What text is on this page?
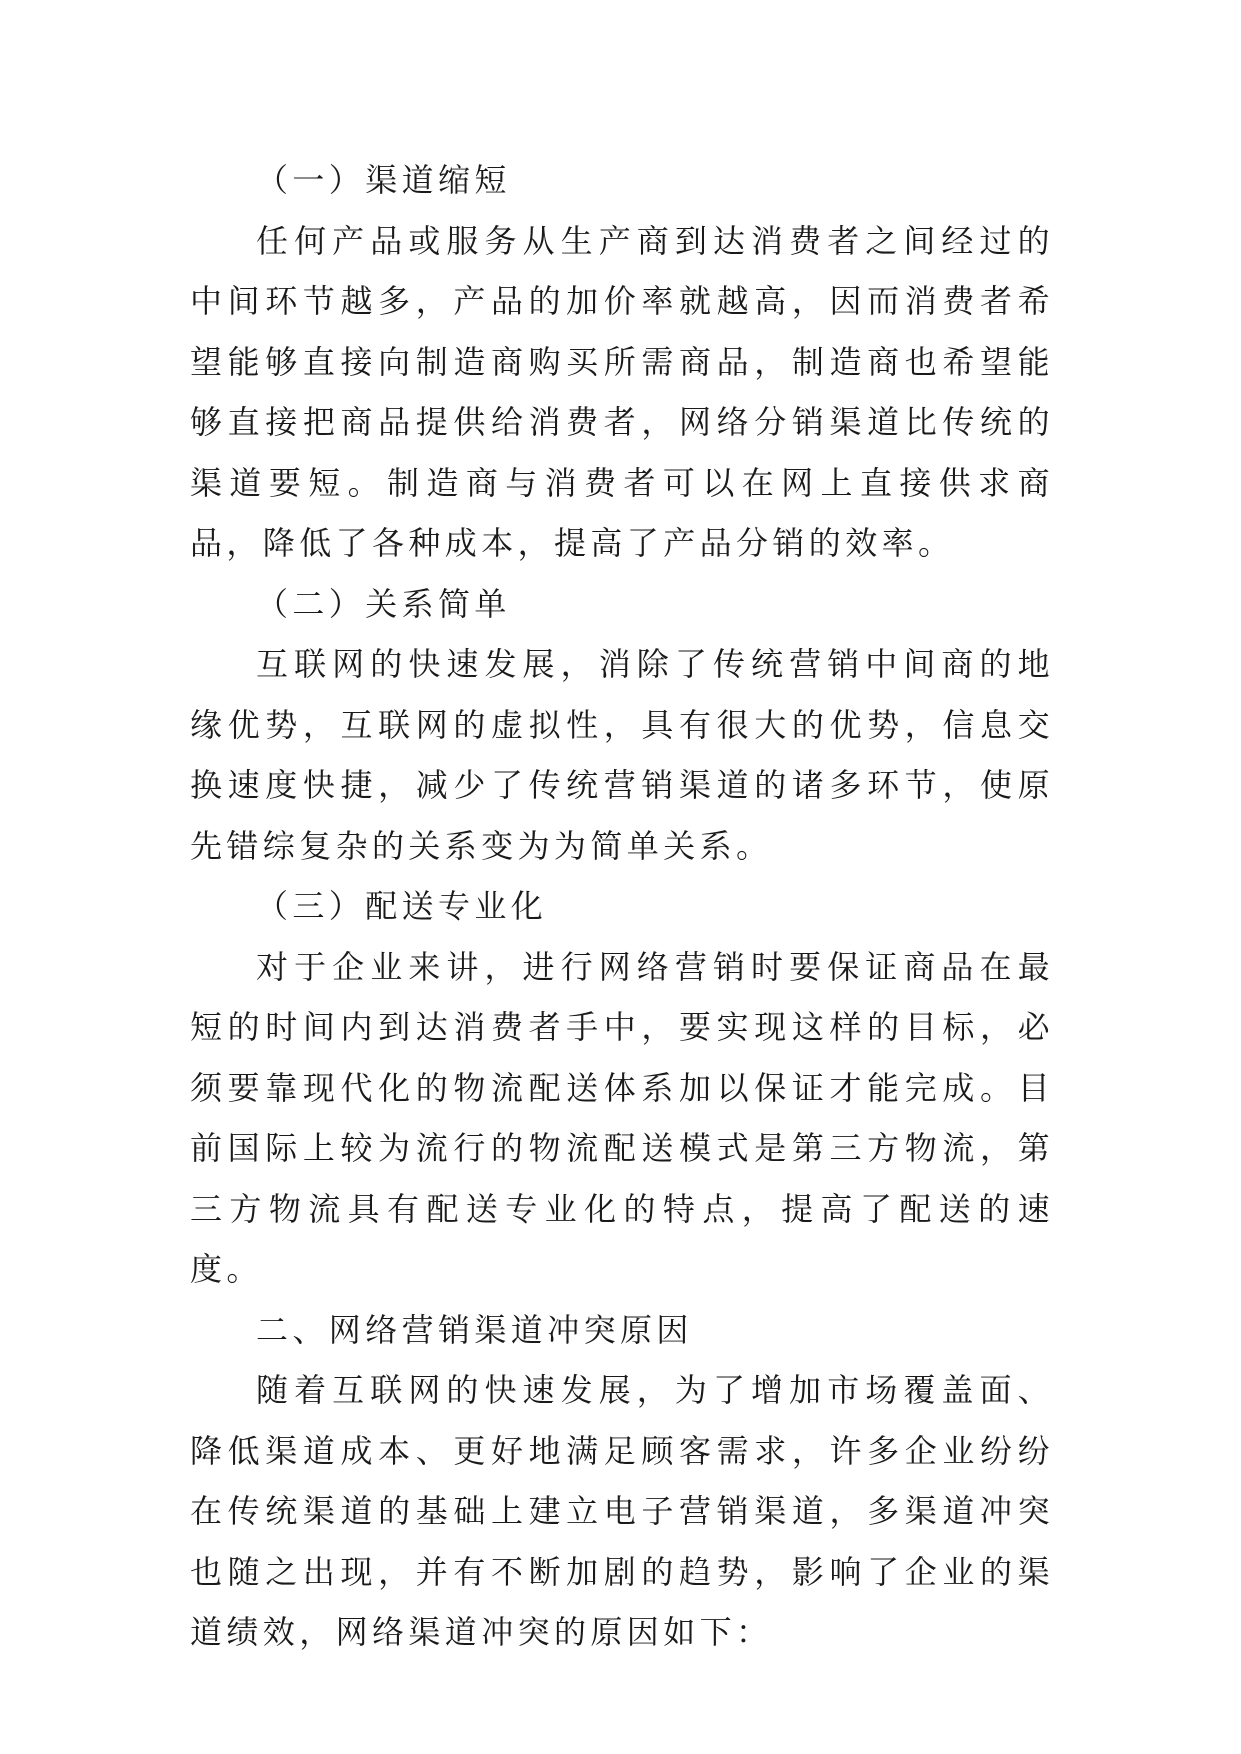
（一）渠道缩短

任何产品或服务从生产商到达消费者之间经过的中间环节越多，产品的加价率就越高，因而消费者希望能够直接向制造商购买所需商品，制造商也希望能够直接把商品提供给消费者，网络分销渠道比传统的渠道要短。制造商与消费者可以在网上直接供求商品，降低了各种成本，提高了产品分销的效率。

（二）关系简单

互联网的快速发展，消除了传统营销中间商的地缘优势，互联网的虚拟性，具有很大的优势，信息交换速度快捷，减少了传统营销渠道的诸多环节，使原先错综复杂的关系变为为简单关系。

（三）配送专业化

对于企业来讲，进行网络营销时要保证商品在最短的时间内到达消费者手中，要实现这样的目标，必须要靠现代化的物流配送体系加以保证才能完成。目前国际上较为流行的物流配送模式是第三方物流，第三方物流具有配送专业化的特点，提高了配送的速度。

二、网络营销渠道冲突原因

随着互联网的快速发展，为了增加市场覆盖面、降低渠道成本、更好地满足顾客需求，许多企业纷纷在传统渠道的基础上建立电子营销渠道，多渠道冲突也随之出现，并有不断加剧的趋势，影响了企业的渠道绩效，网络渠道冲突的原因如下：
